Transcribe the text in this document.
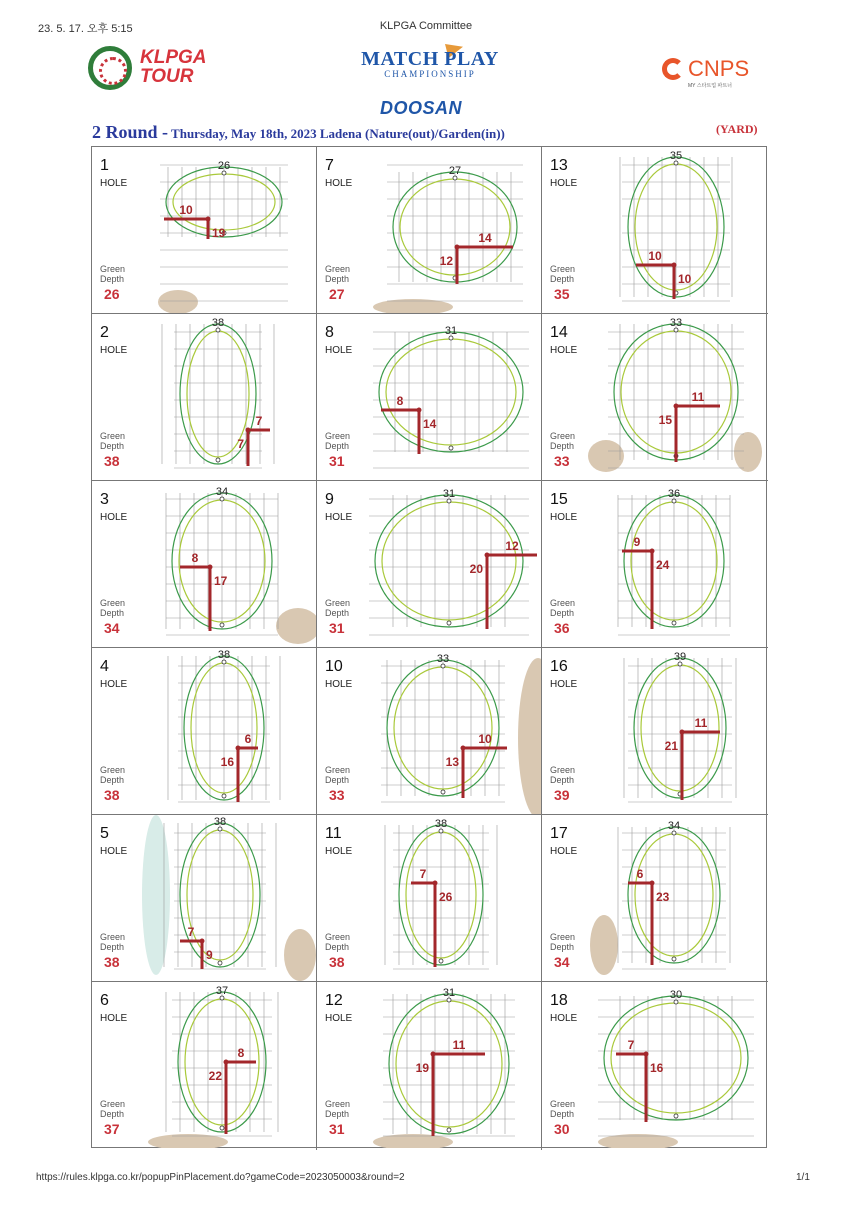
23. 5. 17. 오후 5:15	KLPGA Committee
KLPGA
TOUR
MATCH PLAY
CHAMPIONSHIP
DOOSAN
CNPS
MY 스타트업 파트너
2 Round - Thursday, May 18th, 2023 Ladena (Nature(out)/Garden(in))	(YARD)
1
HOLE
Green
Depth
26
26
10
19
7
HOLE
Green
Depth
27
27
14
12
13
HOLE
Green
Depth
35
35
10
10
2
HOLE
Green
Depth
38
38
7
7
8
HOLE
Green
Depth
31
31
8
14
14
HOLE
Green
Depth
33
33
11
15
3
HOLE
Green
Depth
34
34
8
17
9
HOLE
Green
Depth
31
31
12
20
15
HOLE
Green
Depth
36
36
9
24
4
HOLE
Green
Depth
38
38
6
16
10
HOLE
Green
Depth
33
33
10
13
16
HOLE
Green
Depth
39
39
11
21
5
HOLE
Green
Depth
38
38
7
9
11
HOLE
Green
Depth
38
38
7
26
17
HOLE
Green
Depth
34
34
6
23
6
HOLE
Green
Depth
37
37
8
22
12
HOLE
Green
Depth
31
31
11
19
18
HOLE
Green
Depth
30
30
7
16
https://rules.klpga.co.kr/popupPinPlacement.do?gameCode=2023050003&round=2	1/1
